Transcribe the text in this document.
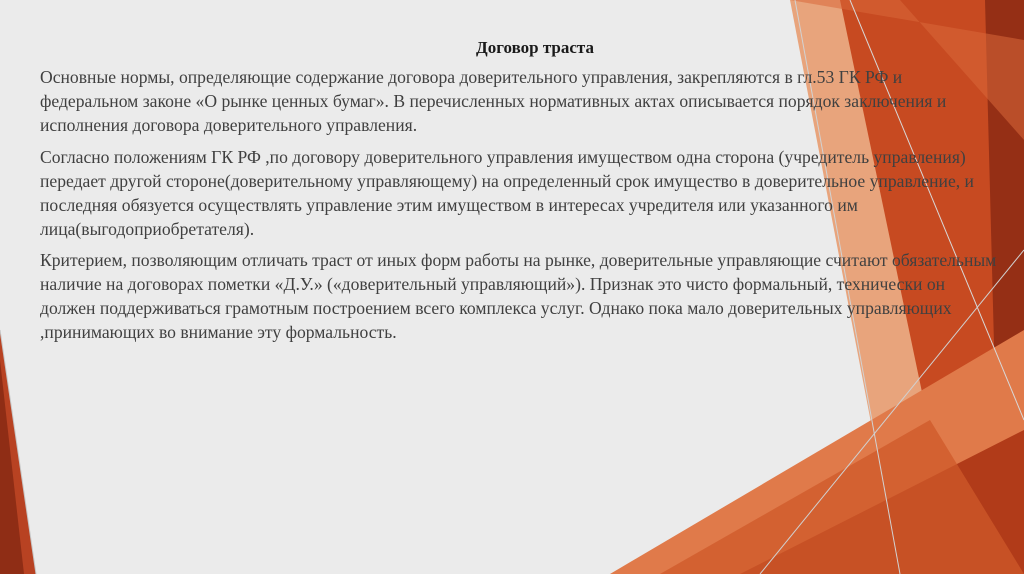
Договор траста

Основные нормы, определяющие содержание договора доверительного управления, закрепляются в гл.53 ГК РФ и федеральном законе «О рынке ценных бумаг». В перечисленных нормативных актах описывается порядок заключения и исполнения договора доверительного управления.

Согласно положениям ГК РФ ,по договору доверительного управления имуществом одна сторона (учредитель управления) передает другой стороне(доверительному управляющему) на определенный срок имущество в доверительное управление, и последняя обязуется осуществлять управление этим имуществом в интересах учредителя или указанного им лица(выгодоприобретателя).

Критерием, позволяющим отличать траст от иных форм работы на рынке, доверительные управляющие считают обязательным наличие на договорах пометки «Д.У.» («доверительный управляющий»). Признак это чисто формальный, технически он должен поддерживаться грамотным построением всего комплекса услуг. Однако пока мало доверительных управляющих ,принимающих во внимание эту формальность.
